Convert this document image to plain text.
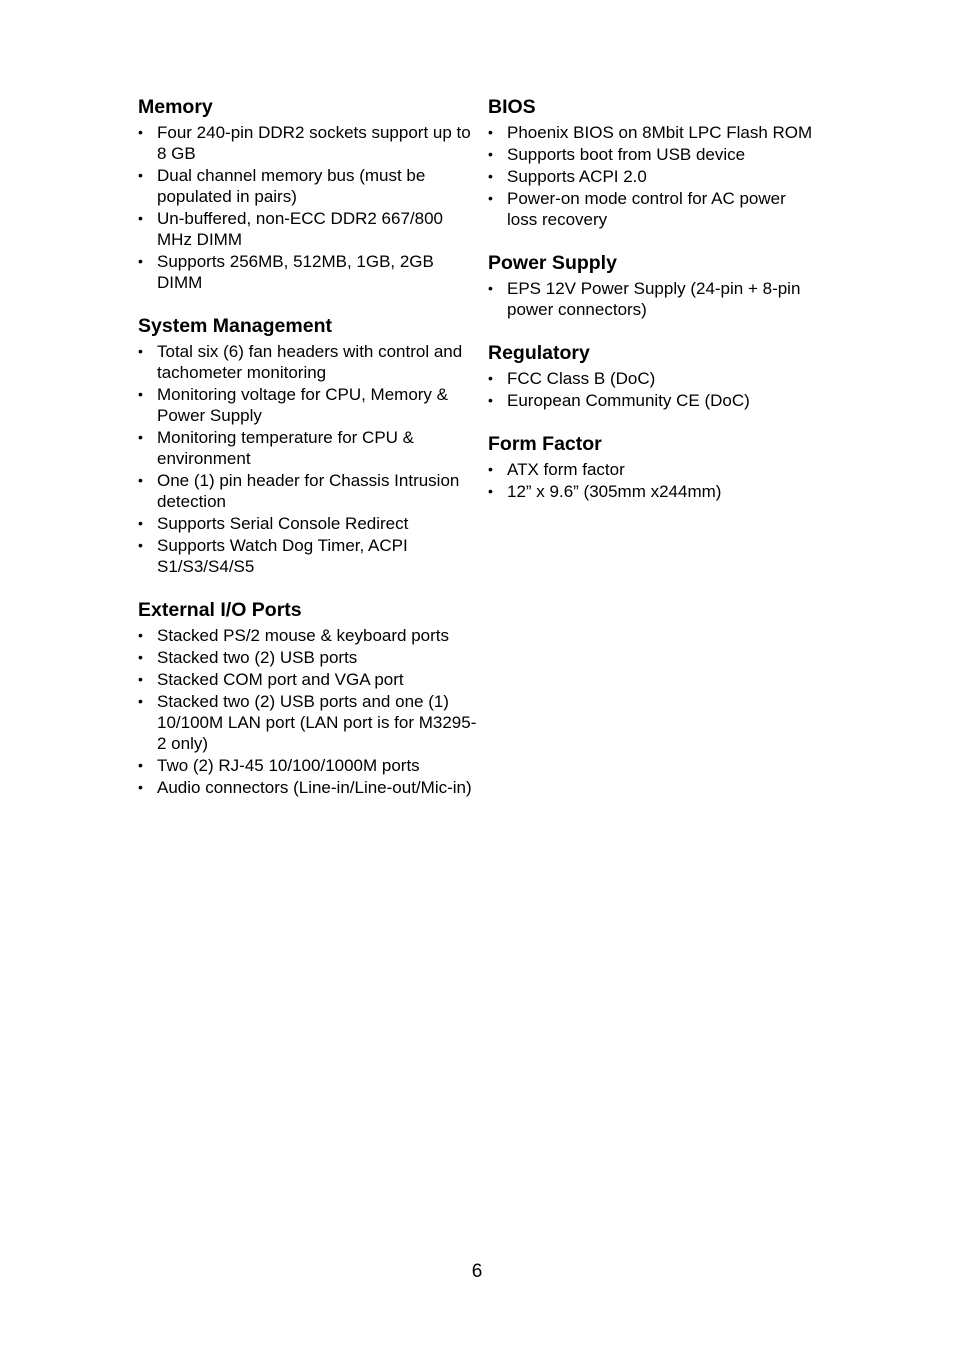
Memory
• Four 240-pin DDR2 sockets support up to 8 GB
• Dual channel memory bus (must be populated in pairs)
• Un-buffered, non-ECC DDR2 667/800 MHz DIMM
• Supports 256MB, 512MB, 1GB, 2GB DIMM
System Management
• Total six (6) fan headers with control and tachometer monitoring
• Monitoring voltage for CPU, Memory & Power Supply
• Monitoring temperature for CPU & environment
• One (1) pin header for Chassis Intrusion detection
• Supports Serial Console Redirect
• Supports Watch Dog Timer, ACPI S1/S3/S4/S5
External I/O Ports
• Stacked PS/2 mouse & keyboard ports
• Stacked two (2) USB ports
• Stacked COM port and VGA port
• Stacked two (2) USB ports and one (1) 10/100M LAN port (LAN port is for M3295-2 only)
• Two (2) RJ-45 10/100/1000M ports
• Audio connectors (Line-in/Line-out/Mic-in)
BIOS
• Phoenix BIOS on 8Mbit LPC Flash ROM
• Supports boot from USB device
• Supports ACPI 2.0
• Power-on mode control for AC power loss recovery
Power Supply
• EPS 12V Power Supply (24-pin + 8-pin power connectors)
Regulatory
• FCC Class B (DoC)
• European Community CE (DoC)
Form Factor
• ATX form factor
• 12” x 9.6” (305mm x244mm)
6
